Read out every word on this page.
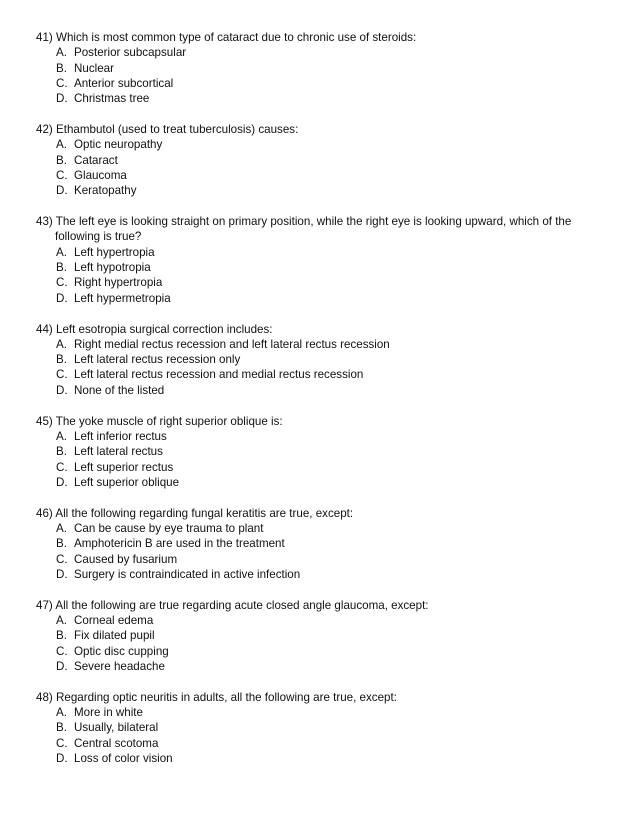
41) Which is most common type of cataract due to chronic use of steroids:
A. Posterior subcapsular
B. Nuclear
C. Anterior subcortical
D. Christmas tree
42) Ethambutol (used to treat tuberculosis) causes:
A. Optic neuropathy
B. Cataract
C. Glaucoma
D. Keratopathy
43) The left eye is looking straight on primary position, while the right eye is looking upward, which of the following is true?
A. Left hypertropia
B. Left hypotropia
C. Right hypertropia
D. Left hypermetropia
44) Left esotropia surgical correction includes:
A. Right medial rectus recession and left lateral rectus recession
B. Left lateral rectus recession only
C. Left lateral rectus recession and medial rectus recession
D. None of the listed
45) The yoke muscle of right superior oblique is:
A. Left inferior rectus
B. Left lateral rectus
C. Left superior rectus
D. Left superior oblique
46) All the following regarding fungal keratitis are true, except:
A. Can be cause by eye trauma to plant
B. Amphotericin B are used in the treatment
C. Caused by fusarium
D. Surgery is contraindicated in active infection
47) All the following are true regarding acute closed angle glaucoma, except:
A. Corneal edema
B. Fix dilated pupil
C. Optic disc cupping
D. Severe headache
48) Regarding optic neuritis in adults, all the following are true, except:
A. More in white
B. Usually, bilateral
C. Central scotoma
D. Loss of color vision
